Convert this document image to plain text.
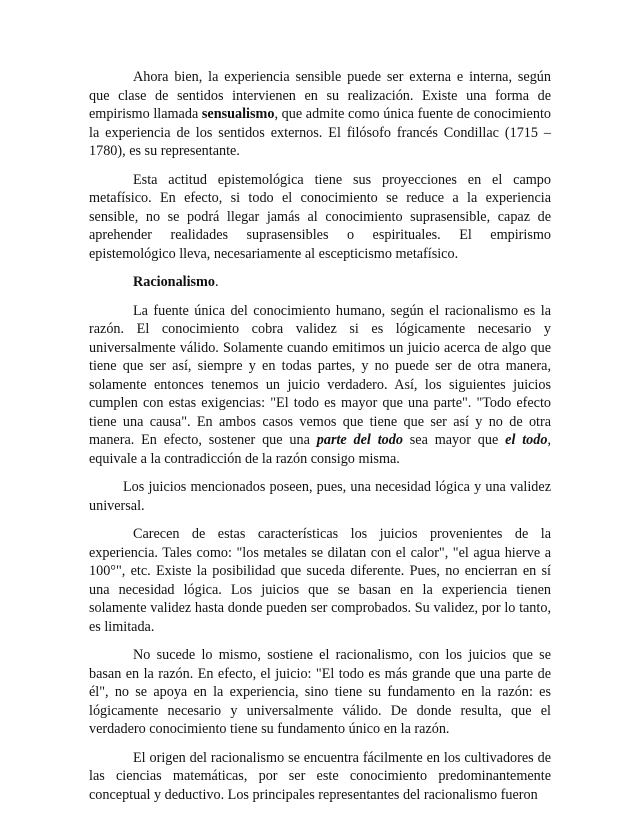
Ahora bien, la experiencia sensible puede ser externa e interna, según que clase de sentidos intervienen en su realización. Existe una forma de empirismo llamada sensualismo, que admite como única fuente de conocimiento la experiencia de los sentidos externos. El filósofo francés Condillac (1715 – 1780), es su representante.

Esta actitud epistemológica tiene sus proyecciones en el campo metafísico. En efecto, si todo el conocimiento se reduce a la experiencia sensible, no se podrá llegar jamás al conocimiento suprasensible, capaz de aprehender realidades suprasensibles o espirituales. El empirismo epistemológico lleva, necesariamente al escepticismo metafísico.

Racionalismo.

La fuente única del conocimiento humano, según el racionalismo es la razón. El conocimiento cobra validez si es lógicamente necesario y universalmente válido. Solamente cuando emitimos un juicio acerca de algo que tiene que ser así, siempre y en todas partes, y no puede ser de otra manera, solamente entonces tenemos un juicio verdadero. Así, los siguientes juicios cumplen con estas exigencias: "El todo es mayor que una parte". "Todo efecto tiene una causa". En ambos casos vemos que tiene que ser así y no de otra manera. En efecto, sostener que una parte del todo sea mayor que el todo, equivale a la contradicción de la razón consigo misma.

Los juicios mencionados poseen, pues, una necesidad lógica y una validez universal.

Carecen de estas características los juicios provenientes de la experiencia. Tales como: "los metales se dilatan con el calor", "el agua hierve a 100°", etc. Existe la posibilidad que suceda diferente. Pues, no encierran en sí una necesidad lógica. Los juicios que se basan en la experiencia tienen solamente validez hasta donde pueden ser comprobados. Su validez, por lo tanto, es limitada.

No sucede lo mismo, sostiene el racionalismo, con los juicios que se basan en la razón. En efecto, el juicio: "El todo es más grande que una parte de él", no se apoya en la experiencia, sino tiene su fundamento en la razón: es lógicamente necesario y universalmente válido. De donde resulta, que el verdadero conocimiento tiene su fundamento único en la razón.

El origen del racionalismo se encuentra fácilmente en los cultivadores de las ciencias matemáticas, por ser este conocimiento predominantemente conceptual y deductivo. Los principales representantes del racionalismo fueron
